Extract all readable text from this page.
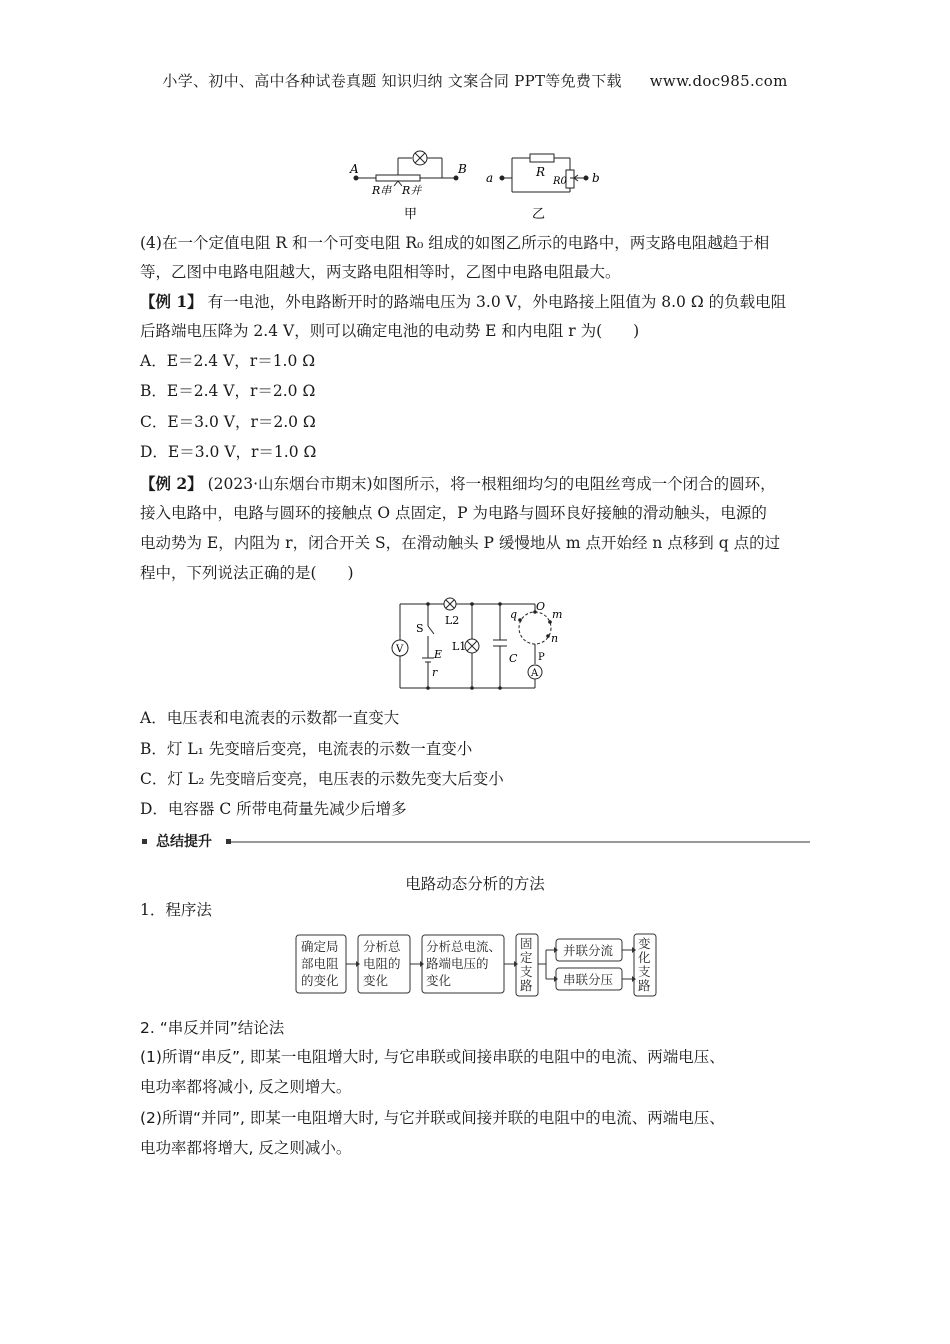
小学、初中、高中各种试卷真题 知识归纳 文案合同 PPT等免费下载 www.doc985.com
A	B
R串 R并
甲
a	b
R
R0
乙
(4)在一个定值电阻 R 和一个可变电阻 R₀ 组成的如图乙所示的电路中，两支路电阻越趋于相
等，乙图中电路电阻越大，两支路电阻相等时，乙图中电路电阻最大。
【例 1】 有一电池，外电路断开时的路端电压为 3.0 V，外电路接上阻值为 8.0 Ω 的负载电阻
后路端电压降为 2.4 V，则可以确定电池的电动势 E 和内电阻 r 为(　　)
A．E＝2.4 V，r＝1.0 Ω
B．E＝2.4 V，r＝2.0 Ω
C．E＝3.0 V，r＝2.0 Ω
D．E＝3.0 V，r＝1.0 Ω
【例 2】 (2023·山东烟台市期末)如图所示，将一根粗细均匀的电阻丝弯成一个闭合的圆环，
接入电路中，电路与圆环的接触点 O 点固定，P 为电路与圆环良好接触的滑动触头，电源的
电动势为 E，内阻为 r，闭合开关 S，在滑动触头 P 缓慢地从 m 点开始经 n 点移到 q 点的过
程中，下列说法正确的是(　　)
V
S
E
r
L2
L1
C
q
O
m
n
P
A
A．电压表和电流表的示数都一直变大
B．灯 L₁ 先变暗后变亮，电流表的示数一直变小
C．灯 L₂ 先变暗后变亮，电压表的示数先变大后变小
D．电容器 C 所带电荷量先减少后增多
总结提升
电路动态分析的方法
1．程序法
确定局
部电阻
的变化
分析总
电阻的
变化
分析总电流、
路端电压的
变化
固
定
支
路
并联分流
串联分压
变
化
支
路
2. “串反并同”结论法
(1)所谓“串反”, 即某一电阻增大时, 与它串联或间接串联的电阻中的电流、两端电压、
电功率都将减小, 反之则增大。
(2)所谓“并同”, 即某一电阻增大时, 与它并联或间接并联的电阻中的电流、两端电压、
电功率都将增大, 反之则减小。
